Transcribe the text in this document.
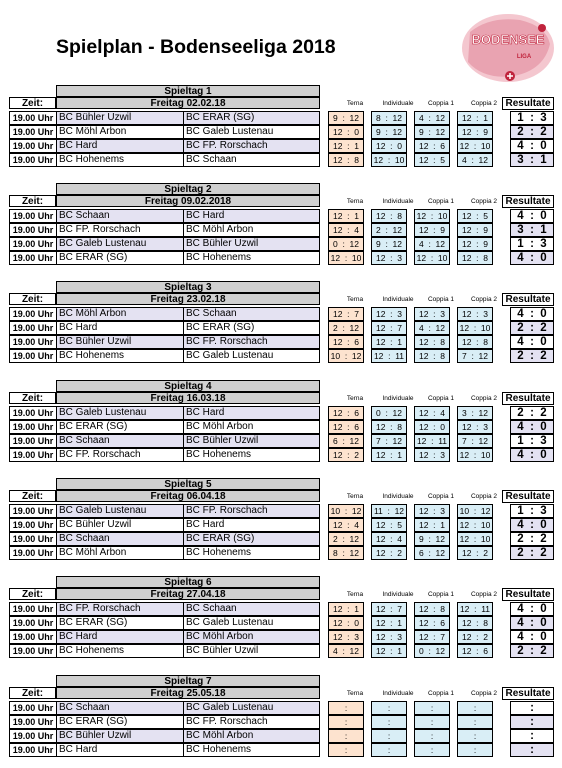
Spielplan - Bodenseeliga 2018	BODENSEE
LIGA
Spieltag 1
Zeit:	Freitag 02.02.18	Terna	Individuale	Coppia 1	Coppia 2 Resultate
19.00 Uhr BC Bühler Uzwil	BC ERAR (SG)	9  :  12	8  :  12	4  :  12	12  :  1	1  :  3
19.00 Uhr BC Möhl Arbon	BC Galeb Lustenau	12  :  0	9  :  12	9  :  12	12  :  9	2  :  2
19.00 Uhr BC Hard	BC FP. Rorschach	12  :  1	12  :  0	12  :  6	12  :  10	4  :  0
19.00 Uhr BC Hohenems	BC Schaan	12  :  8	12  :  10	12  :  5	4  :  12	3  :  1
Spieltag 2
Zeit:	Freitag 09.02.2018	Terna	Individuale	Coppia 1	Coppia 2 Resultate
19.00 Uhr BC Schaan	BC Hard	12  :  1	12  :  8	12  :  10	12  :  5	4  :  0
19.00 Uhr BC FP. Rorschach	BC Möhl Arbon	12  :  4	2  :  12	12  :  9	12  :  9	3  :  1
19.00 Uhr BC Galeb Lustenau	BC Bühler Uzwil	0  :  12	9  :  12	4  :  12	12  :  9	1  :  3
19.00 Uhr BC ERAR (SG)	BC Hohenems	12  :  10	12  :  3	12  :  10	12  :  8	4  :  0
Spieltag 3
Zeit:	Freitag 23.02.18	Terna	Individuale	Coppia 1	Coppia 2 Resultate
19.00 Uhr BC Möhl Arbon	BC Schaan	12  :  7	12  :  3	12  :  3	12  :  3	4  :  0
19.00 Uhr BC Hard	BC ERAR (SG)	2  :  12	12  :  7	4  :  12	12  :  10	2  :  2
19.00 Uhr BC Bühler Uzwil	BC FP. Rorschach	12  :  6	12  :  1	12  :  8	12  :  8	4  :  0
19.00 Uhr BC Hohenems	BC Galeb Lustenau	10  :  12	12  :  11	12  :  8	7  :  12	2  :  2
Spieltag 4
Zeit:	Freitag 16.03.18	Terna	Individuale	Coppia 1	Coppia 2 Resultate
19.00 Uhr BC Galeb Lustenau	BC Hard	12  :  6	0  :  12	12  :  4	3  :  12	2  :  2
19.00 Uhr BC ERAR (SG)	BC Möhl Arbon	12  :  6	12  :  8	12  :  0	12  :  3	4  :  0
19.00 Uhr BC Schaan	BC Bühler Uzwil	6  :  12	7  :  12	12  :  11	7  :  12	1  :  3
19.00 Uhr BC FP. Rorschach	BC Hohenems	12  :  2	12  :  1	12  :  3	12  :  10	4  :  0
Spieltag 5
Zeit:	Freitag 06.04.18	Terna	Individuale	Coppia 1	Coppia 2 Resultate
19.00 Uhr BC Galeb Lustenau	BC FP. Rorschach	10  :  12	11  :  12	12  :  3	10  :  12	1  :  3
19.00 Uhr BC Bühler Uzwil	BC Hard	12  :  4	12  :  5	12  :  1	12  :  10	4  :  0
19.00 Uhr BC Schaan	BC ERAR (SG)	2  :  12	12  :  4	9  :  12	12  :  10	2  :  2
19.00 Uhr BC Möhl Arbon	BC Hohenems	8  :  12	12  :  2	6  :  12	12  :  2	2  :  2
Spieltag 6
Zeit:	Freitag 27.04.18	Terna	Individuale	Coppia 1	Coppia 2 Resultate
19.00 Uhr BC FP. Rorschach	BC Schaan	12  :  1	12  :  7	12  :  8	12  :  11	4  :  0
19.00 Uhr BC ERAR (SG)	BC Galeb Lustenau	12  :  0	12  :  1	12  :  6	12  :  8	4  :  0
19.00 Uhr BC Hard	BC Möhl Arbon	12  :  3	12  :  3	12  :  7	12  :  2	4  :  0
19.00 Uhr BC Hohenems	BC Bühler Uzwil	4  :  12	12  :  1	0  :  12	12  :  6	2  :  2
Spieltag 7
Zeit:	Freitag 25.05.18	Terna	Individuale	Coppia 1	Coppia 2 Resultate
19.00 Uhr BC Schaan	BC Galeb Lustenau	:	:	:	:	:
19.00 Uhr BC ERAR (SG)	BC FP. Rorschach	:	:	:	:	:
19.00 Uhr BC Bühler Uzwil	BC Möhl Arbon	:	:	:	:	:
19.00 Uhr BC Hard	BC Hohenems	:	:	:	:	:
